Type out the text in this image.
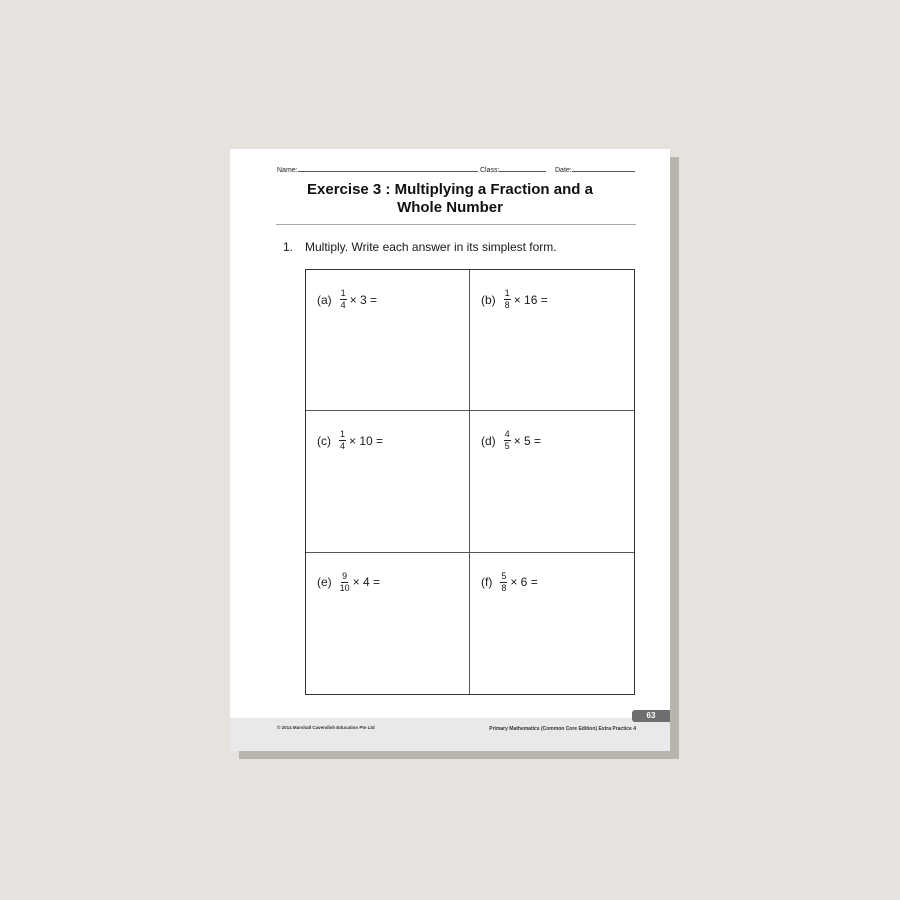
Name:	Class:	Date:
Exercise 3 : Multiplying a Fraction and a
Whole Number
1. Multiply. Write each answer in its simplest form.
$(a) \frac{1}{4} \times 3$ =	$(b) \frac{1}{8} \times 16$ =
$(c) \frac{1}{4} \times 10$ =	$(d) \frac{4}{5} \times 5$ =
$(e) \frac{9}{10} \times 4$ =	$(f) \frac{5}{8} \times 6$ =
© 2014 Marshall Cavendish Education Pte Ltd	Primary Mathematics (Common Core Edition) Extra Practice 4
63
